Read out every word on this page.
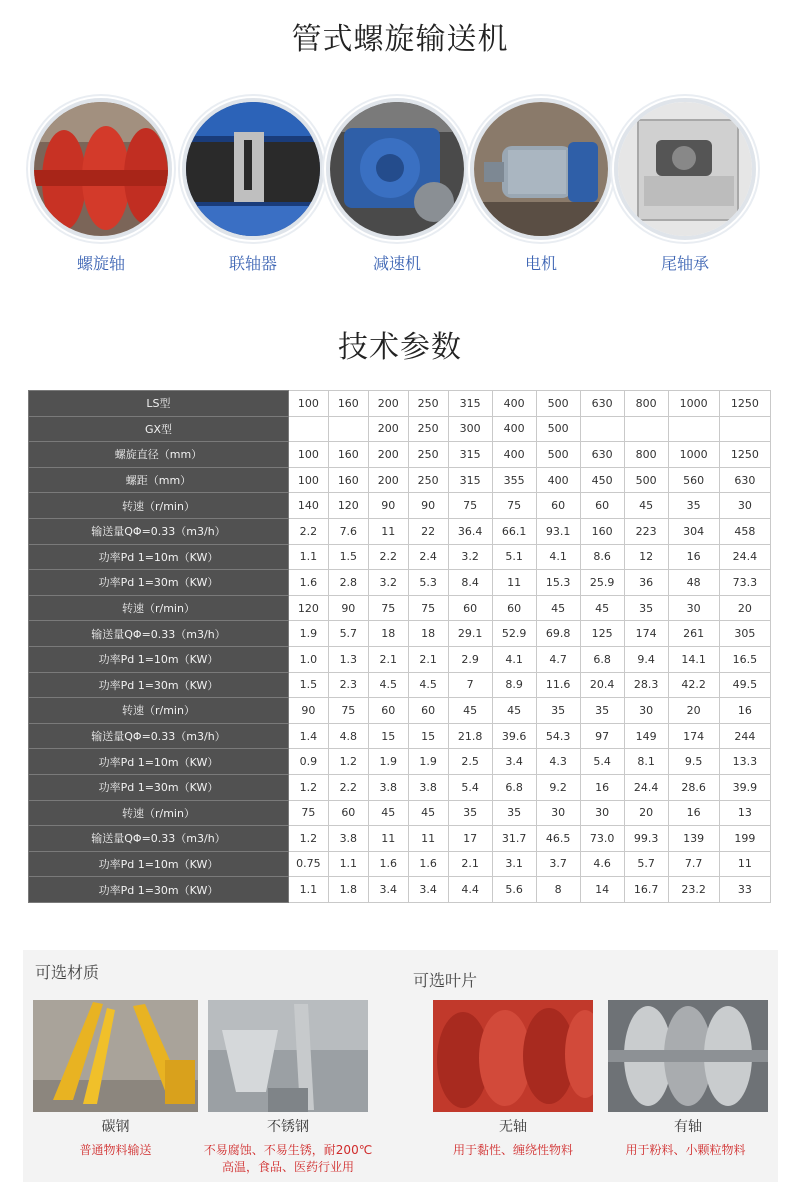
管式螺旋输送机
螺旋轴	联轴器	减速机	电机	尾轴承
技术参数
LS型	100	160	200	250	315	400	500	630	800	1000	1250
GX型			200	250	300	400	500				
螺旋直径（mm）	100	160	200	250	315	400	500	630	800	1000	1250
螺距（mm）	100	160	200	250	315	355	400	450	500	560	630
转速（r/min）	140	120	90	90	75	75	60	60	45	35	30
输送量QΦ=0.33（m3/h）	2.2	7.6	11	22	36.4	66.1	93.1	160	223	304	458
功率Pd 1=10m（KW）	1.1	1.5	2.2	2.4	3.2	5.1	4.1	8.6	12	16	24.4
功率Pd 1=30m（KW）	1.6	2.8	3.2	5.3	8.4	11	15.3	25.9	36	48	73.3
转速（r/min）	120	90	75	75	60	60	45	45	35	30	20
输送量QΦ=0.33（m3/h）	1.9	5.7	18	18	29.1	52.9	69.8	125	174	261	305
功率Pd 1=10m（KW）	1.0	1.3	2.1	2.1	2.9	4.1	4.7	6.8	9.4	14.1	16.5
功率Pd 1=30m（KW）	1.5	2.3	4.5	4.5	7	8.9	11.6	20.4	28.3	42.2	49.5
转速（r/min）	90	75	60	60	45	45	35	35	30	20	16
输送量QΦ=0.33（m3/h）	1.4	4.8	15	15	21.8	39.6	54.3	97	149	174	244
功率Pd 1=10m（KW）	0.9	1.2	1.9	1.9	2.5	3.4	4.3	5.4	8.1	9.5	13.3
功率Pd 1=30m（KW）	1.2	2.2	3.8	3.8	5.4	6.8	9.2	16	24.4	28.6	39.9
转速（r/min）	75	60	45	45	35	35	30	30	20	16	13
输送量QΦ=0.33（m3/h）	1.2	3.8	11	11	17	31.7	46.5	73.0	99.3	139	199
功率Pd 1=10m（KW）	0.75	1.1	1.6	1.6	2.1	3.1	3.7	4.6	5.7	7.7	11
功率Pd 1=30m（KW）	1.1	1.8	3.4	3.4	4.4	5.6	8	14	16.7	23.2	33
可选材质	可选叶片
碳钢	不锈钢	无轴	有轴
普通物料输送	不易腐蚀、不易生锈，耐200℃
高温，食品、医药行业用
用于黏性、缠绕性物料	用于粉料、小颗粒物料
